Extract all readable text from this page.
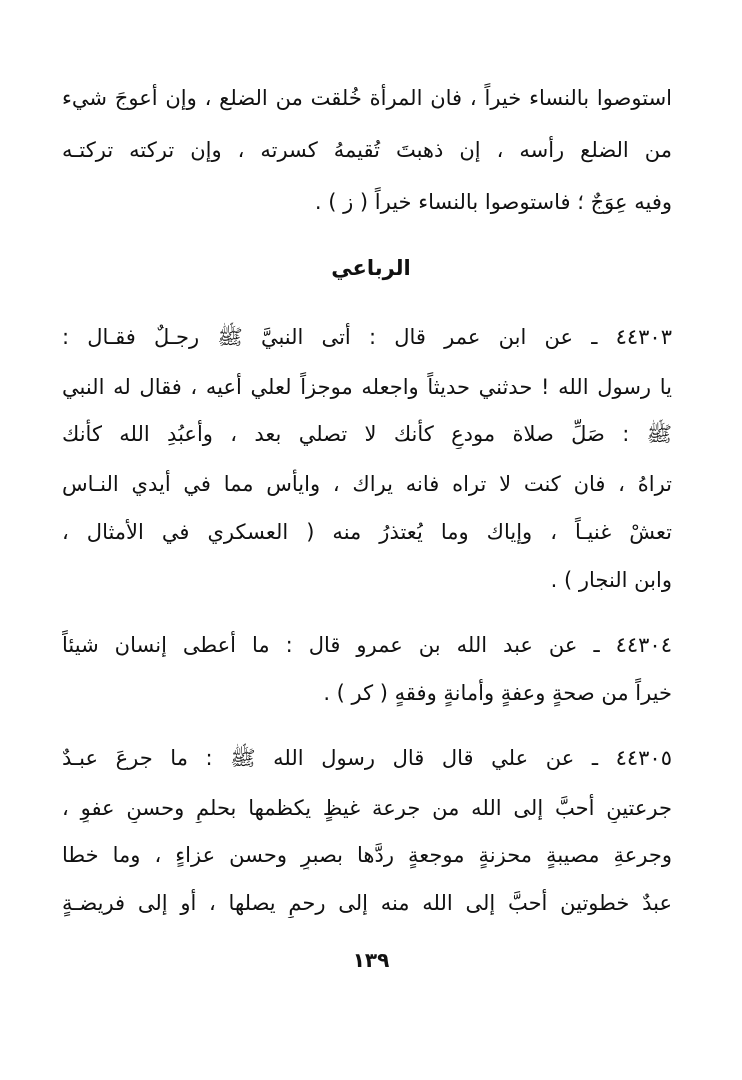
استوصوا بالنساء خيراً ، فان المرأة خُلقت من الضلع ، وإن أعوجَ شيء
من الضلع رأسه ، إن ذهبتَ تُقيمهُ كسرته ، وإن تركته تركتـه
وفيه عِوَجٌ ؛ فاستوصوا بالنساء خيراً ( ز ) .
الرباعي
٤٤٣٠٣ ـ عن ابن عمر قال : أتى النبيَّ ﷺ رجـلٌ فقـال :
يا رسول الله ! حدثني حديثاً واجعله موجزاً لعلي أعيه ، فقال له النبي
ﷺ : صَلِّ صلاة مودعٍ كأنك لا تصلي بعد ، وأعبُدِ الله كأنك
تراهُ ، فان كنت لا تراه فانه يراك ، وايأس مما في أيدي النـاس
تعشْ غنيـاً ، وإياك وما يُعتذرُ منه ( العسكري في الأمثال ،
وابن النجار ) .
٤٤٣٠٤ ـ عن عبد الله بن عمرو قال : ما أعطى إنسان شيئاً
خيراً من صحةٍ وعفةٍ وأمانةٍ وفقهٍ ( كر ) .
٤٤٣٠٥ ـ عن علي قال قال رسول الله ﷺ : ما جرعَ عبـدٌ
جرعتينِ أحبَّ إلى الله من جرعة غيظٍ يكظمها بحلمٍ وحسنِ عفوٍ ،
وجرعةِ مصيبةٍ محزنةٍ موجعةٍ ردَّها بصبرٍ وحسن عزاءٍ ، وما خطا
عبدٌ خطوتين أحبَّ إلى الله منه إلى رحمٍ يصلها ، أو إلى فريضـةٍ
١٣٩
